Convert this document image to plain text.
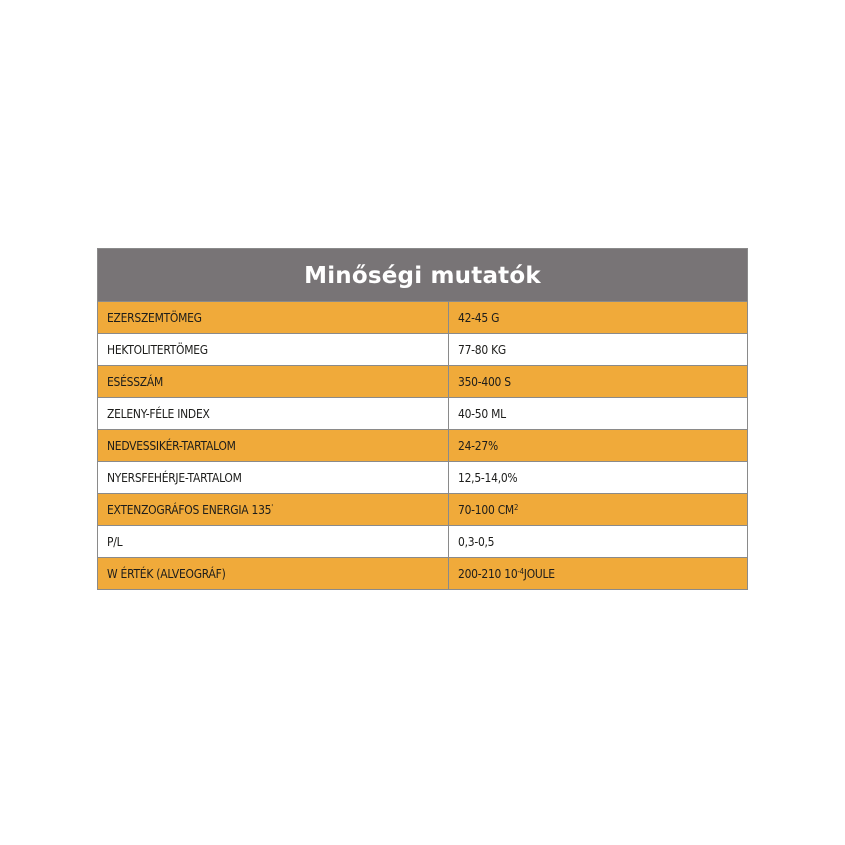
Minőségi mutatók
EZERSZEMTÖMEG	42-45 G
HEKTOLITERTÖMEG	77-80 KG
ESÉSSZÁM	350-400 S
ZELENY-FÉLE INDEX	40-50 ML
NEDVESSIKÉR-TARTALOM	24-27%
NYERSFEHÉRJE-TARTALOM	12,5-14,0%
EXTENZOGRÁFOS ENERGIA 135'	70-100 $CM^2$
P/L	0,3-0,5
W ÉRTÉK (ALVEOGRÁF)	200-210 $10^{-4}JOULE$
